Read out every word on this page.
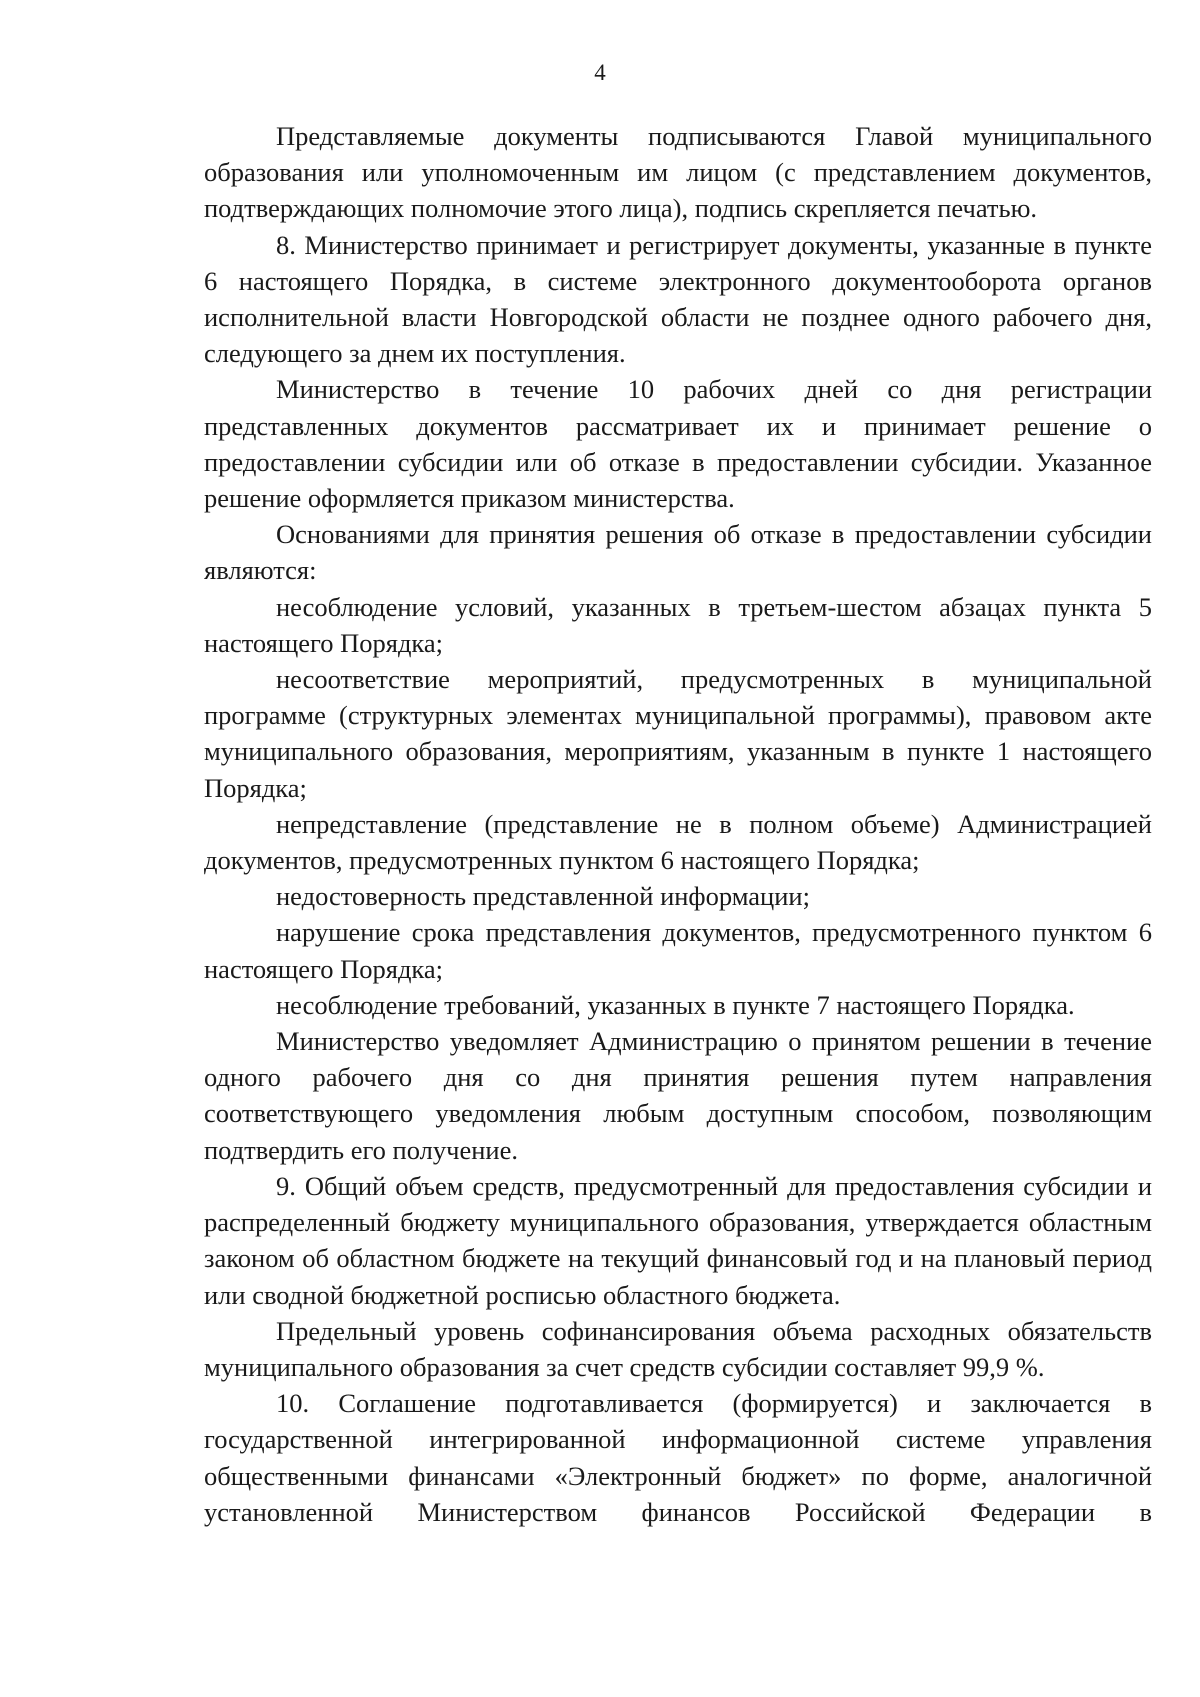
4

Представляемые документы подписываются Главой муниципального образования или уполномоченным им лицом (с представлением документов, подтверждающих полномочие этого лица), подпись скрепляется печатью.

8. Министерство принимает и регистрирует документы, указанные в пункте 6 настоящего Порядка, в системе электронного документооборота органов исполнительной власти Новгородской области не позднее одного рабочего дня, следующего за днем их поступления.

Министерство в течение 10 рабочих дней со дня регистрации представленных документов рассматривает их и принимает решение о предоставлении субсидии или об отказе в предоставлении субсидии. Указанное решение оформляется приказом министерства.

Основаниями для принятия решения об отказе в предоставлении субсидии являются:

несоблюдение условий, указанных в третьем-шестом абзацах пункта 5 настоящего Порядка;

несоответствие мероприятий, предусмотренных в муниципальной программе (структурных элементах муниципальной программы), правовом акте муниципального образования, мероприятиям, указанным в пункте 1 настоящего Порядка;

непредставление (представление не в полном объеме) Администрацией документов, предусмотренных пунктом 6 настоящего Порядка;

недостоверность представленной информации;

нарушение срока представления документов, предусмотренного пунктом 6 настоящего Порядка;

несоблюдение требований, указанных в пункте 7 настоящего Порядка.

Министерство уведомляет Администрацию о принятом решении в течение одного рабочего дня со дня принятия решения путем направления соответствующего уведомления любым доступным способом, позволяющим подтвердить его получение.

9. Общий объем средств, предусмотренный для предоставления субсидии и распределенный бюджету муниципального образования, утверждается областным законом об областном бюджете на текущий финансовый год и на плановый период или сводной бюджетной росписью областного бюджета.

Предельный уровень софинансирования объема расходных обязательств муниципального образования за счет средств субсидии составляет 99,9 %.

10. Соглашение подготавливается (формируется) и заключается в государственной интегрированной информационной системе управления общественными финансами «Электронный бюджет» по форме, аналогичной установленной Министерством финансов Российской Федерации в
